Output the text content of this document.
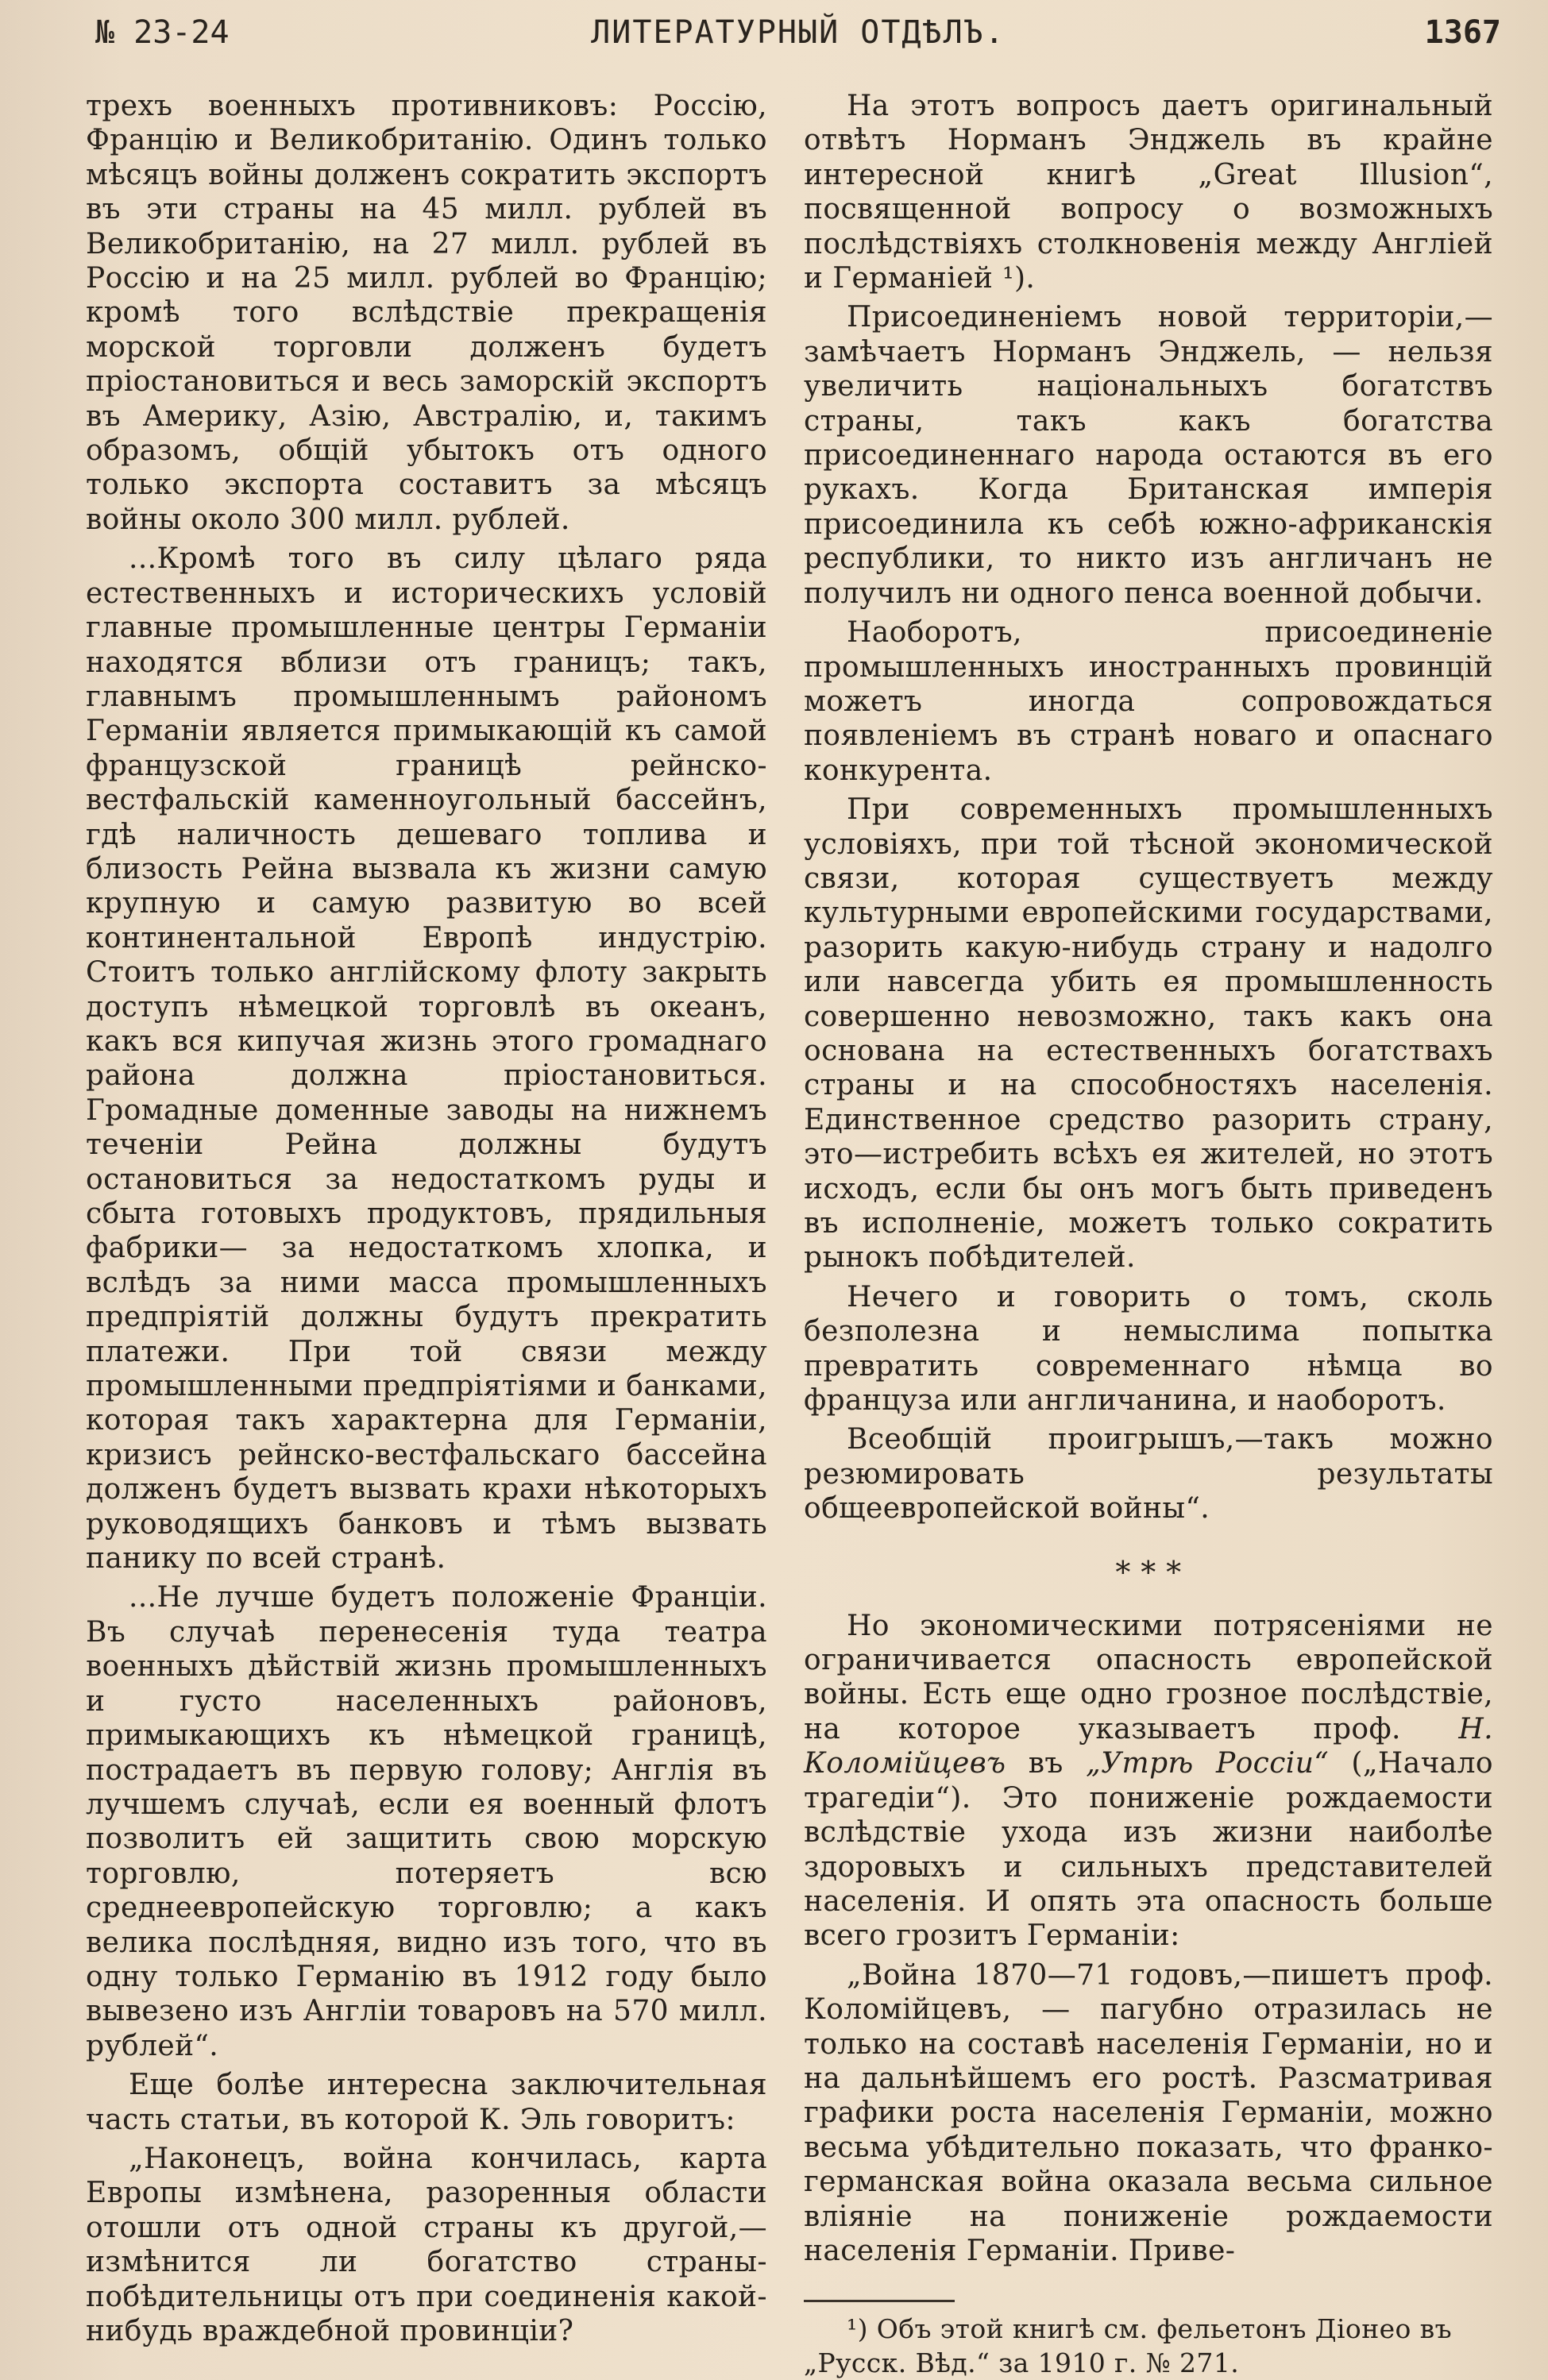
№ 23-24	ЛИТЕРАТУРНЫЙ ОТДѢЛЪ.	1367

трехъ военныхъ противниковъ: Россію, Францію и Великобританію. Одинъ только мѣсяцъ войны долженъ сократить экспортъ въ эти страны на 45 милл. рублей въ Великобританію, на 27 милл. рублей въ Россію и на 25 милл. рублей во Францію; кромѣ того вслѣдствіе прекращенія морской торговли долженъ будетъ пріостановиться и весь заморскій экспортъ въ Америку, Азію, Австралію, и, такимъ образомъ, общій убытокъ отъ одного только экспорта составитъ за мѣсяцъ войны около 300 милл. рублей.

...Кромѣ того въ силу цѣлаго ряда естественныхъ и историческихъ условій главные промышленные центры Германіи находятся вблизи отъ границъ; такъ, главнымъ промышленнымъ райономъ Германіи является примыкающій къ самой французской границѣ рейнско-вестфальскій каменноугольный бассейнъ, гдѣ наличность дешеваго топлива и близость Рейна вызвала къ жизни самую крупную и самую развитую во всей континентальной Европѣ индустрію. Стоитъ только англійскому флоту закрыть доступъ нѣмецкой торговлѣ въ океанъ, какъ вся кипучая жизнь этого громаднаго района должна пріостановиться. Громадные доменные заводы на нижнемъ теченіи Рейна должны будутъ остановиться за недостаткомъ руды и сбыта готовыхъ продуктовъ, прядильныя фабрики— за недостаткомъ хлопка, и вслѣдъ за ними масса промышленныхъ предпріятій должны будутъ прекратить платежи. При той связи между промышленными предпріятіями и банками, которая такъ характерна для Германіи, кризисъ рейнско-вестфальскаго бассейна долженъ будетъ вызвать крахи нѣкоторыхъ руководящихъ банковъ и тѣмъ вызвать панику по всей странѣ.

...Не лучше будетъ положеніе Франціи. Въ случаѣ перенесенія туда театра военныхъ дѣйствій жизнь промышленныхъ и густо населенныхъ районовъ, примыкающихъ къ нѣмецкой границѣ, пострадаетъ въ первую голову; Англія въ лучшемъ случаѣ, если ея военный флотъ позволитъ ей защитить свою морскую торговлю, потеряетъ всю среднеевропейскую торговлю; а какъ велика послѣдняя, видно изъ того, что въ одну только Германію въ 1912 году было вывезено изъ Англіи товаровъ на 570 милл. рублей“.

Еще болѣе интересна заключительная часть статьи, въ которой К. Эль говоритъ:

„Наконецъ, война кончилась, карта Европы измѣнена, разоренныя области отошли отъ одной страны къ другой,—измѣнится ли богатство страны-побѣдительницы отъ при соединенія какой-нибудь враждебной провинціи?

На этотъ вопросъ даетъ оригинальный отвѣтъ Норманъ Энджель въ крайне интересной книгѣ „Great Illusion“, посвященной вопросу о возможныхъ послѣдствіяхъ столкновенія между Англіей и Германіей ¹).

Присоединеніемъ новой территоріи,—замѣчаетъ Норманъ Энджель, — нельзя увеличить національныхъ богатствъ страны, такъ какъ богатства присоединеннаго народа остаются въ его рукахъ. Когда Британская имперія присоединила къ себѣ южно-африканскія республики, то никто изъ англичанъ не получилъ ни одного пенса военной добычи.

Наоборотъ, присоединеніе промышленныхъ иностранныхъ провинцій можетъ иногда сопровождаться появленіемъ въ странѣ новаго и опаснаго конкурента.

При современныхъ промышленныхъ условіяхъ, при той тѣсной экономической связи, которая существуетъ между культурными европейскими государствами, разорить какую-нибудь страну и надолго или навсегда убить ея промышленность совершенно невозможно, такъ какъ она основана на естественныхъ богатствахъ страны и на способностяхъ населенія. Единственное средство разорить страну, это—истребить всѣхъ ея жителей, но этотъ исходъ, если бы онъ могъ быть приведенъ въ исполненіе, можетъ только сократить рынокъ побѣдителей.

Нечего и говорить о томъ, сколь безполезна и немыслима попытка превратить современнаго нѣмца во француза или англичанина, и наоборотъ.

Всеобщій проигрышъ,—такъ можно резюмировать результаты общеевропейской войны“.

* * *

Но экономическими потрясеніями не ограничивается опасность европейской войны. Есть еще одно грозное послѣдствіе, на которое указываетъ проф. Н. Коломійцевъ въ „Утрѣ Россіи“ („Начало трагедіи“). Это пониженіе рождаемости вслѣдствіе ухода изъ жизни наиболѣе здоровыхъ и сильныхъ представителей населенія. И опять эта опасность больше всего грозитъ Германіи:

„Война 1870—71 годовъ,—пишетъ проф. Коломійцевъ, — пагубно отразилась не только на составѣ населенія Германіи, но и на дальнѣйшемъ его ростѣ. Разсматривая графики роста населенія Германіи, можно весьма убѣдительно показать, что франко-германская война оказала весьма сильное вліяніе на пониженіе рождаемости населенія Германіи. Приве-

¹) Объ этой книгѣ см. фельетонъ Діонео въ „Русск. Вѣд.“ за 1910 г. № 271.
